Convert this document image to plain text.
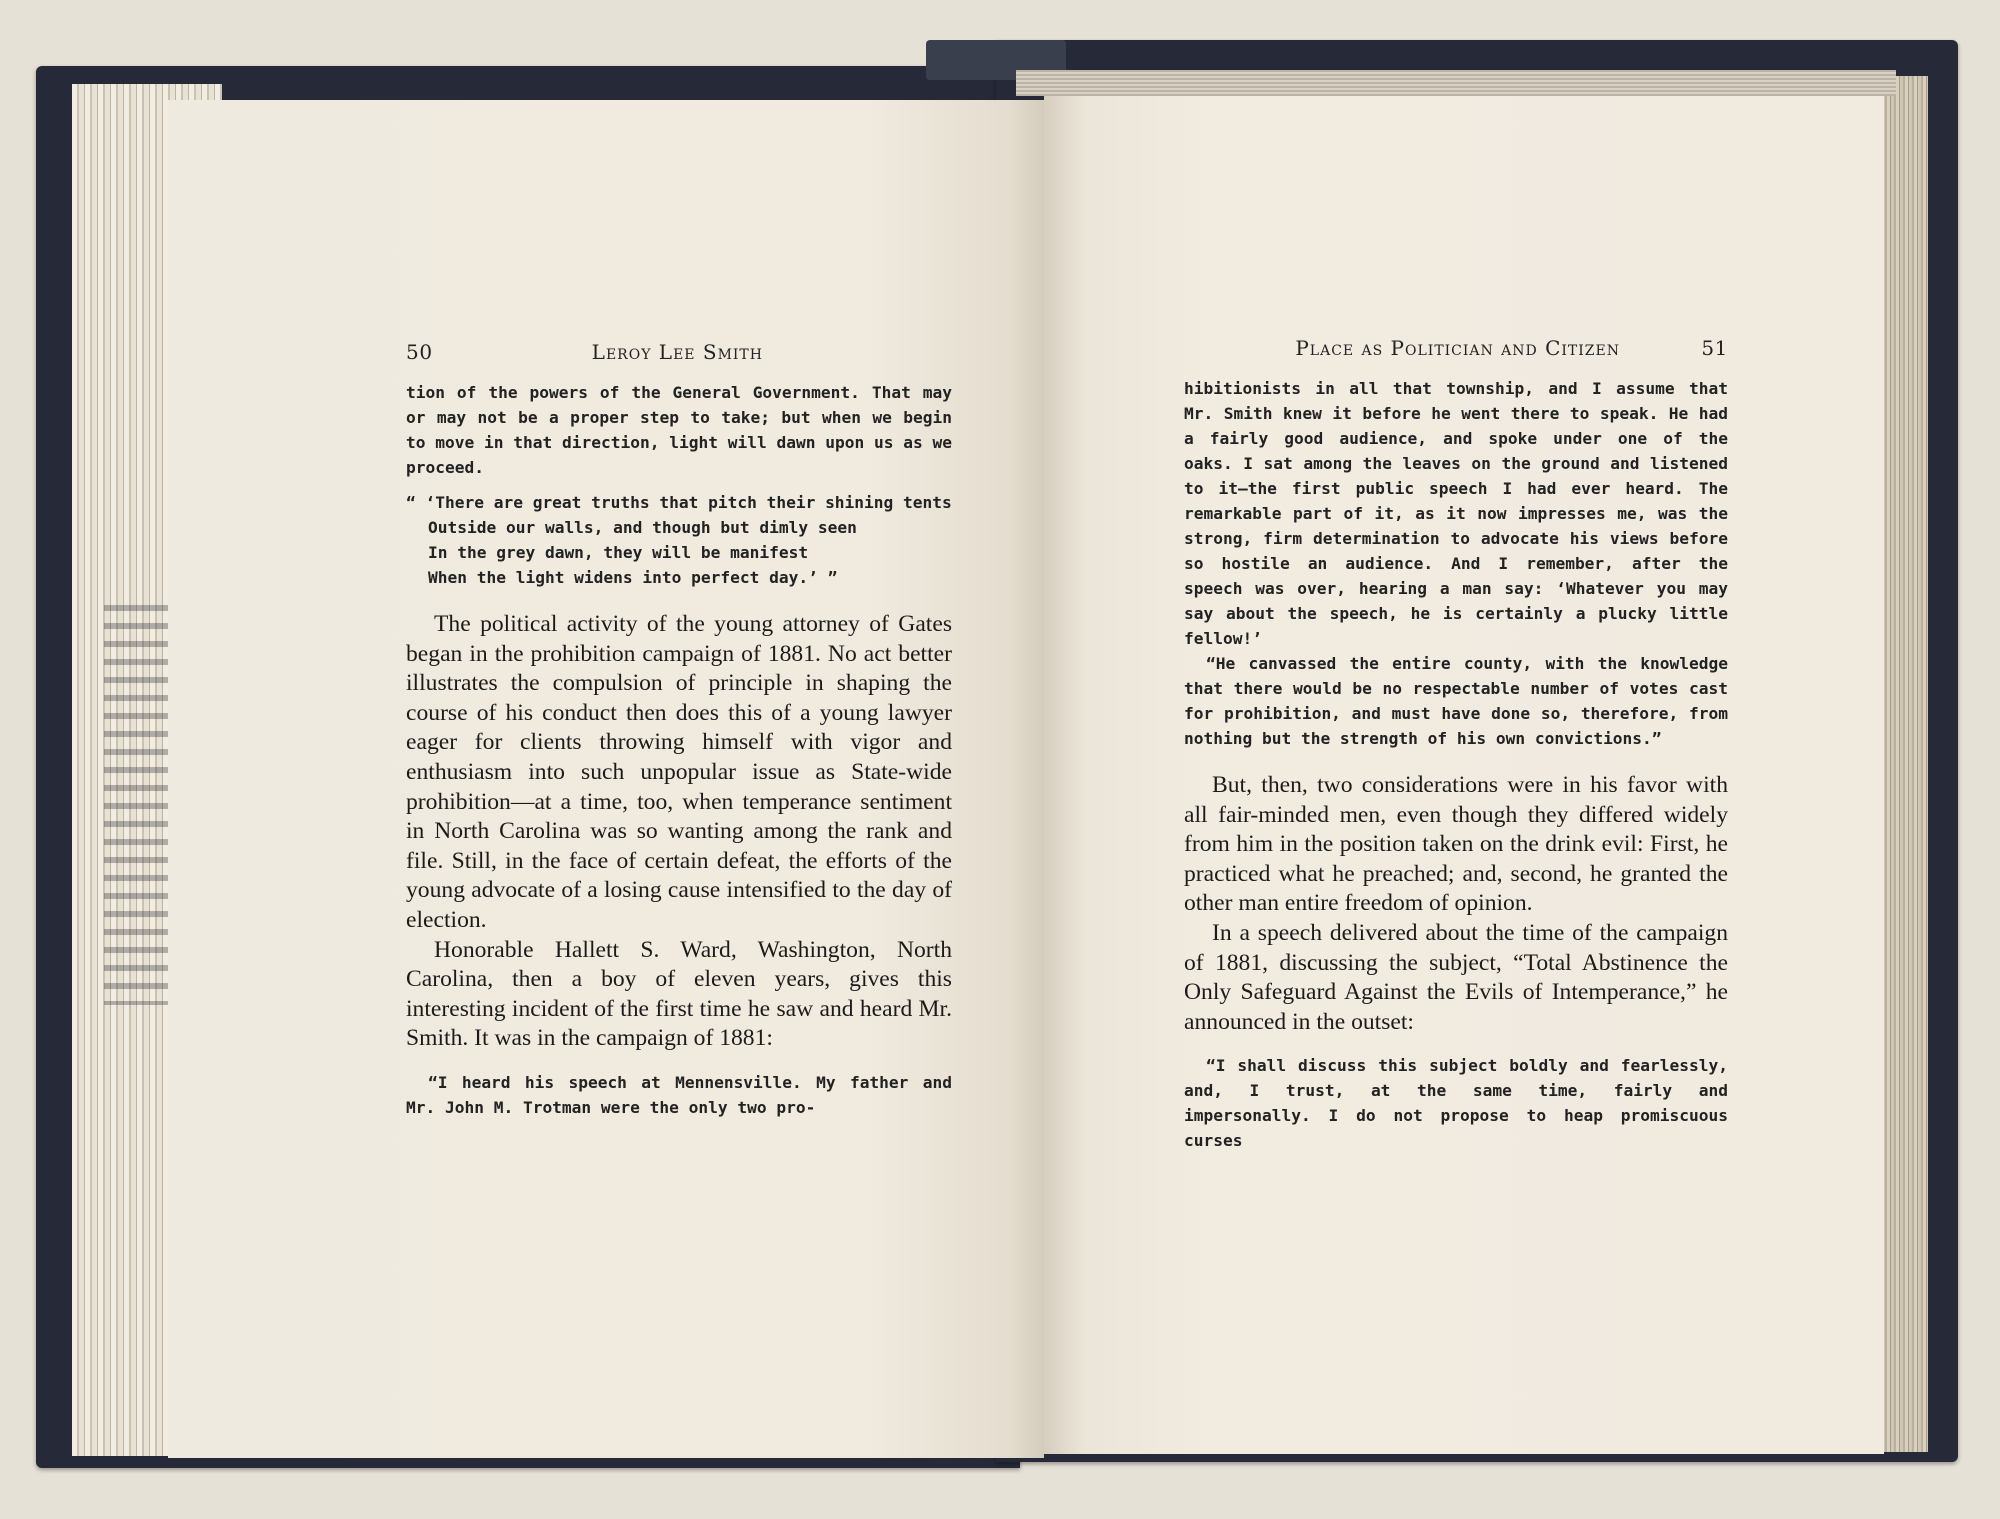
50	Leroy Lee Smith

tion of the powers of the General Government. That may or may not be a proper step to take; but when we begin to move in that direction, light will dawn upon us as we proceed.

“ ‘There are great truths that pitch their shining tents
Outside our walls, and though but dimly seen
In the grey dawn, they will be manifest
When the light widens into perfect day.’ ”

The political activity of the young attorney of Gates began in the prohibition campaign of 1881. No act better illustrates the compulsion of principle in shaping the course of his conduct then does this of a young lawyer eager for clients throwing himself with vigor and enthusiasm into such unpopular issue as State-wide prohibition—at a time, too, when temperance sentiment in North Carolina was so wanting among the rank and file. Still, in the face of certain defeat, the efforts of the young advocate of a losing cause intensified to the day of election.

Honorable Hallett S. Ward, Washington, North Carolina, then a boy of eleven years, gives this interesting incident of the first time he saw and heard Mr. Smith. It was in the campaign of 1881:

“I heard his speech at Mennensville. My father and Mr. John M. Trotman were the only two pro-

Place as Politician and Citizen	51

hibitionists in all that township, and I assume that Mr. Smith knew it before he went there to speak. He had a fairly good audience, and spoke under one of the oaks. I sat among the leaves on the ground and listened to it—the first public speech I had ever heard. The remarkable part of it, as it now impresses me, was the strong, firm determination to advocate his views before so hostile an audience. And I remember, after the speech was over, hearing a man say: ‘Whatever you may say about the speech, he is certainly a plucky little fellow!’

“He canvassed the entire county, with the knowledge that there would be no respectable number of votes cast for prohibition, and must have done so, therefore, from nothing but the strength of his own convictions.”

But, then, two considerations were in his favor with all fair-minded men, even though they differed widely from him in the position taken on the drink evil: First, he practiced what he preached; and, second, he granted the other man entire freedom of opinion.

In a speech delivered about the time of the campaign of 1881, discussing the subject, “Total Abstinence the Only Safeguard Against the Evils of Intemperance,” he announced in the outset:

“I shall discuss this subject boldly and fearlessly, and, I trust, at the same time, fairly and impersonally. I do not propose to heap promiscuous curses
